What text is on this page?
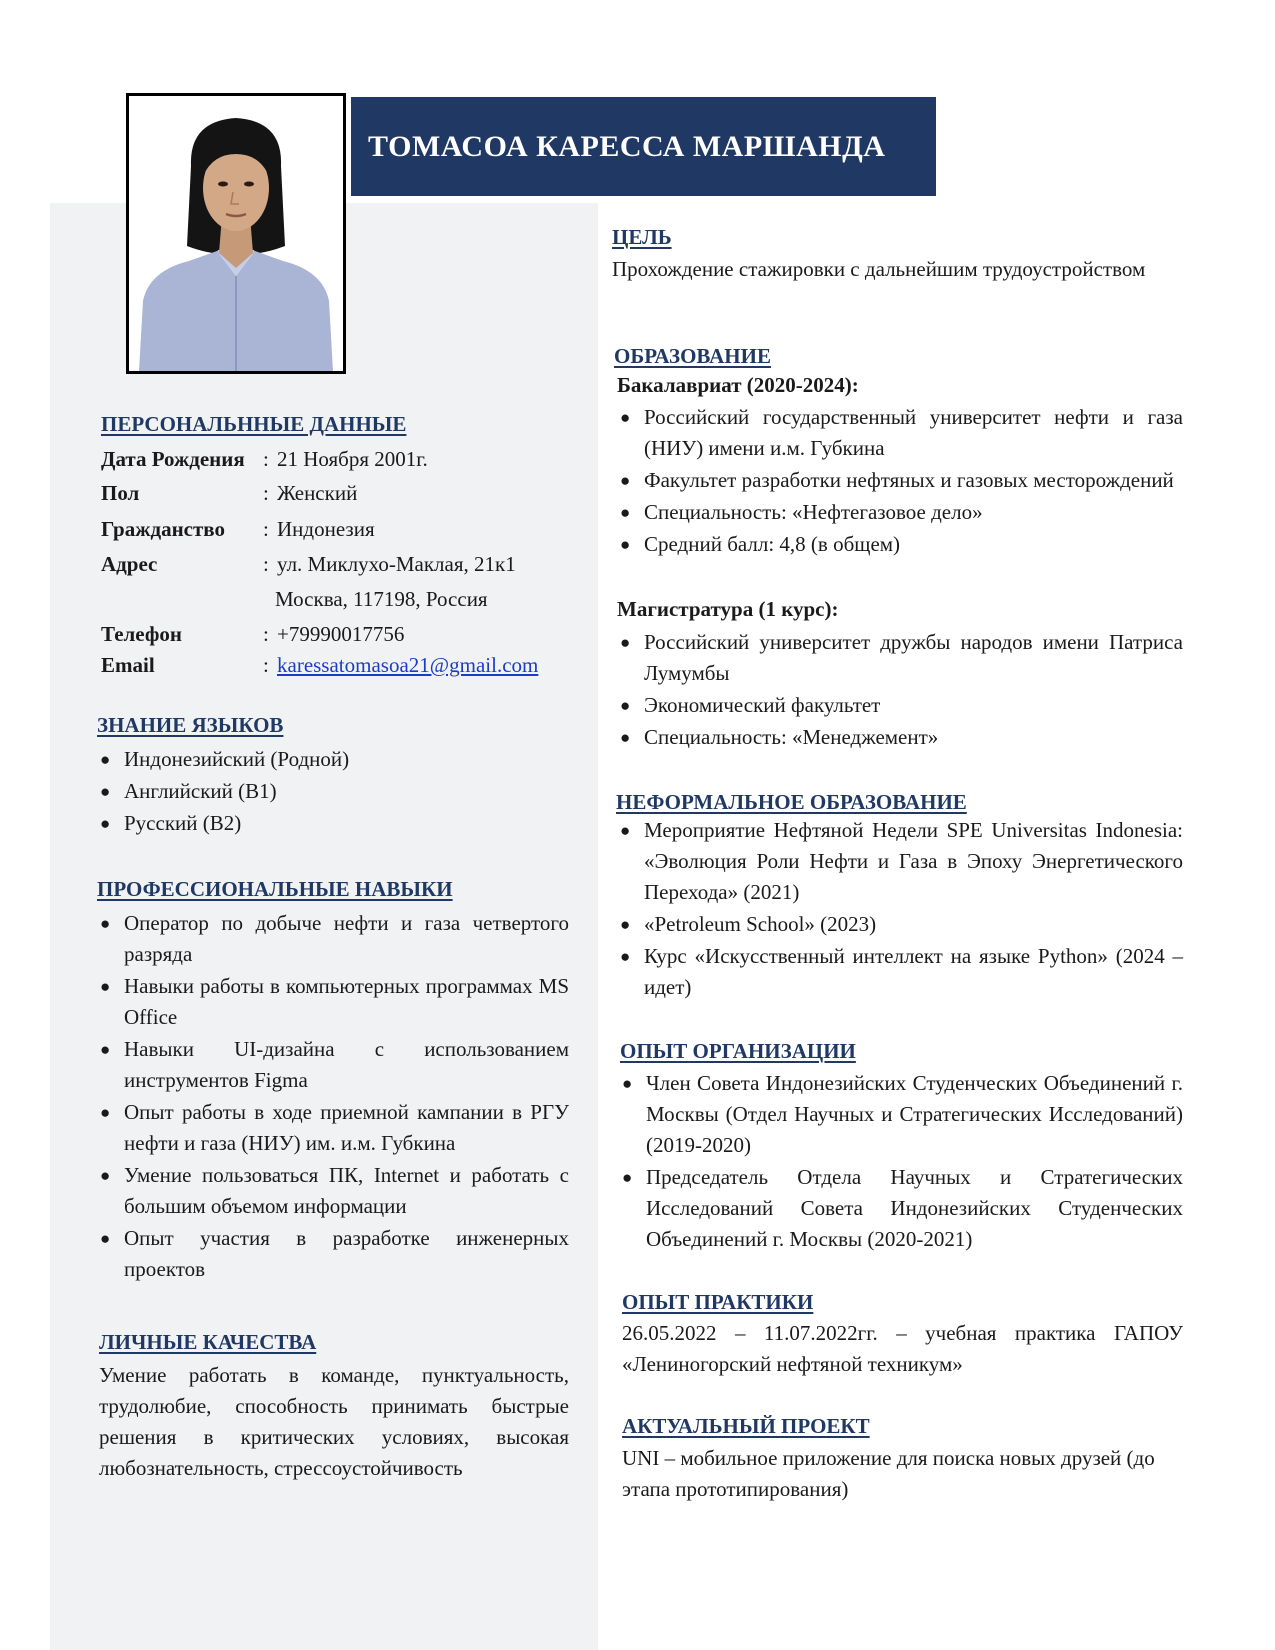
ТОМАСОА КАРЕССА МАРШАНДА
ПЕРСОНАЛЬННЫЕ ДАННЫЕ
Дата Рождения : 21 Ноября 2001г.
Пол	: Женский
Гражданство : Индонезия
Адрес	: ул. Миклухо-Маклая, 21к1
Москва, 117198, Россия
Телефон	: +79990017756
Email	: karessatomasoa21@gmail.com
ЗНАНИЕ ЯЗЫКОВ
● Индонезийский (Родной)
● Английский (B1)
● Русский (B2)
ПРОФЕССИОНАЛЬНЫЕ НАВЫКИ
● Оператор по добыче нефти и газа четвертого разряда
● Навыки работы в компьютерных программах MS Office
● Навыки UI-дизайна с использованием инструментов Figma
● Опыт работы в ходе приемной кампании в РГУ нефти и газа (НИУ) им. и.м. Губкина
● Умение пользоваться ПК, Internet и работать с большим объемом информации
● Опыт участия в разработке инженерных проектов
ЛИЧНЫЕ КАЧЕСТВА
Умение работать в команде, пунктуальность, трудолюбие, способность принимать быстрые решения в критических условиях, высокая любознательность, стрессоустойчивость
ЦЕЛЬ
Прохождение стажировки с дальнейшим трудоустройством
ОБРАЗОВАНИЕ
Бакалавриат (2020-2024):
● Российский государственный университет нефти и газа (НИУ) имени и.м. Губкина
● Факультет разработки нефтяных и газовых месторождений
● Специальность: «Нефтегазовое дело»
● Средний балл: 4,8 (в общем)
Магистратура (1 курс):
● Российский университет дружбы народов имени Патриса Лумумбы
● Экономический факультет
● Специальность: «Менеджемент»
НЕФОРМАЛЬНОЕ ОБРАЗОВАНИЕ
● Мероприятие Нефтяной Недели SPE Universitas Indonesia: «Эволюция Роли Нефти и Газа в Эпоху Энергетического Перехода» (2021)
● «Petroleum School» (2023)
● Курс «Искусственный интеллект на языке Python» (2024 – идет)
ОПЫТ ОРГАНИЗАЦИИ
● Член Совета Индонезийских Студенческих Объединений г. Москвы (Отдел Научных и Стратегических Исследований) (2019-2020)
● Председатель Отдела Научных и Стратегических Исследований Совета Индонезийских Студенческих Объединений г. Москвы (2020-2021)
ОПЫТ ПРАКТИКИ
26.05.2022 – 11.07.2022гг. – учебная практика ГАПОУ «Лениногорский нефтяной техникум»
АКТУАЛЬНЫЙ ПРОЕКТ
UNI – мобильное приложение для поиска новых друзей (до этапа прототипирования)
